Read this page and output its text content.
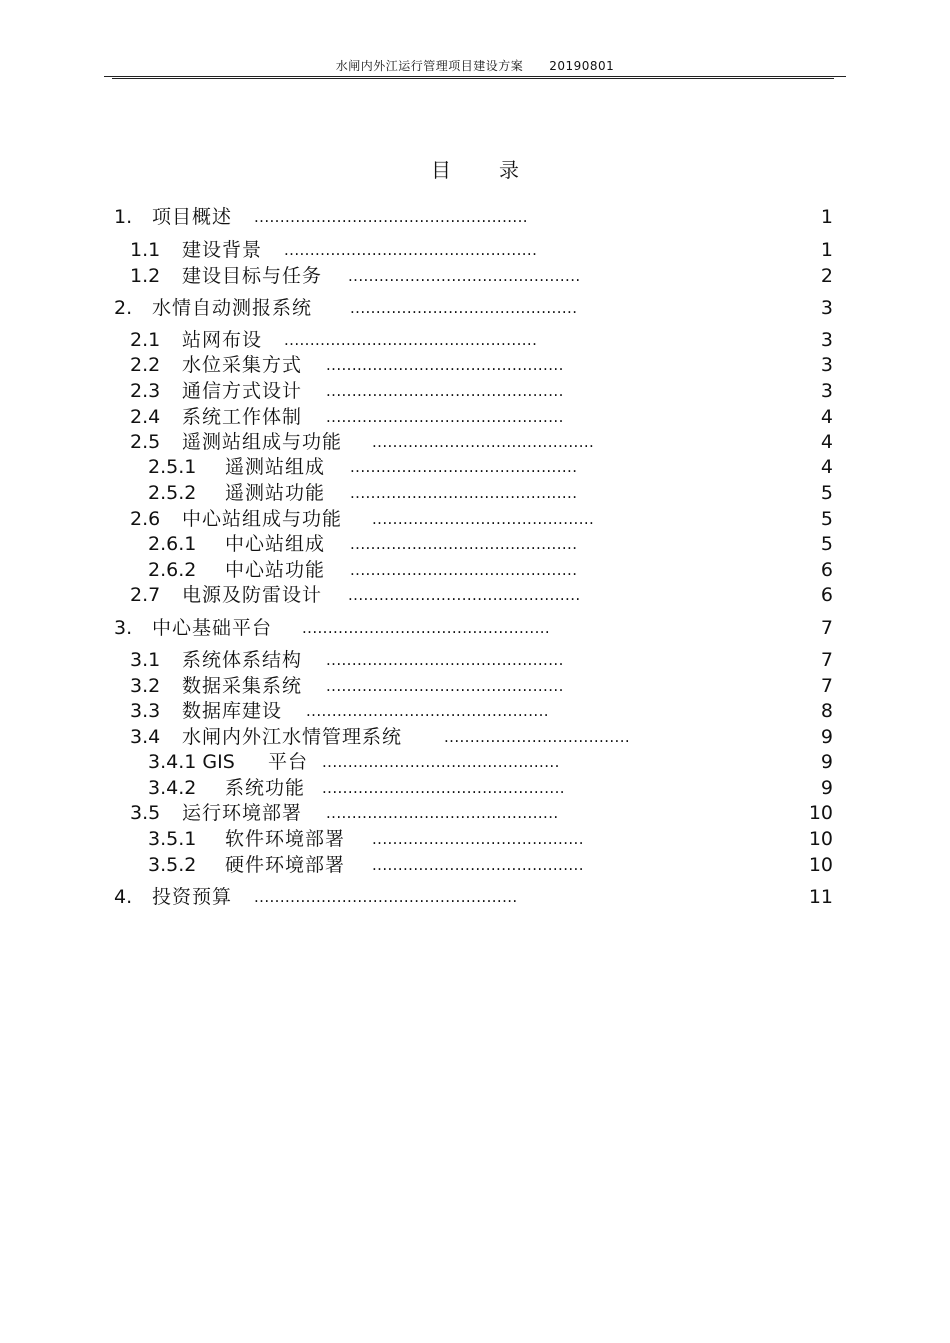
水闸内外江运行管理项目建设方案 20190801
目录
1. 项目概述 .....................................................	1
1.1 建设背景 .................................................	1
1.2 建设目标与任务 .............................................	2
2. 水情自动测报系统	............................................	3
2.1 站网布设 .................................................	3
2.2 水位采集方式 ..............................................	3
2.3 通信方式设计 ..............................................	3
2.4 系统工作体制 ..............................................	4
2.5 遥测站组成与功能 ...........................................	4
2.5.1 遥测站组成 ............................................	4
2.5.2 遥测站功能 ............................................	5
2.6 中心站组成与功能 ...........................................	5
2.6.1 中心站组成 ............................................	5
2.6.2 中心站功能 ............................................	6
2.7 电源及防雷设计 .............................................	6
3. 中心基础平台 ................................................	7
3.1 系统体系结构 ..............................................	7
3.2 数据采集系统 ..............................................	7
3.3 数据库建设 ...............................................	8
3.4 水闸内外江水情管理系统	....................................	9
3.4.1 GIS 平台 ..............................................	9
3.4.2 系统功能 ...............................................	9
3.5 运行环境部署 .............................................	10
3.5.1 软件环境部署 .........................................	10
3.5.2 硬件环境部署 .........................................	10
4. 投资预算 ...................................................	11
